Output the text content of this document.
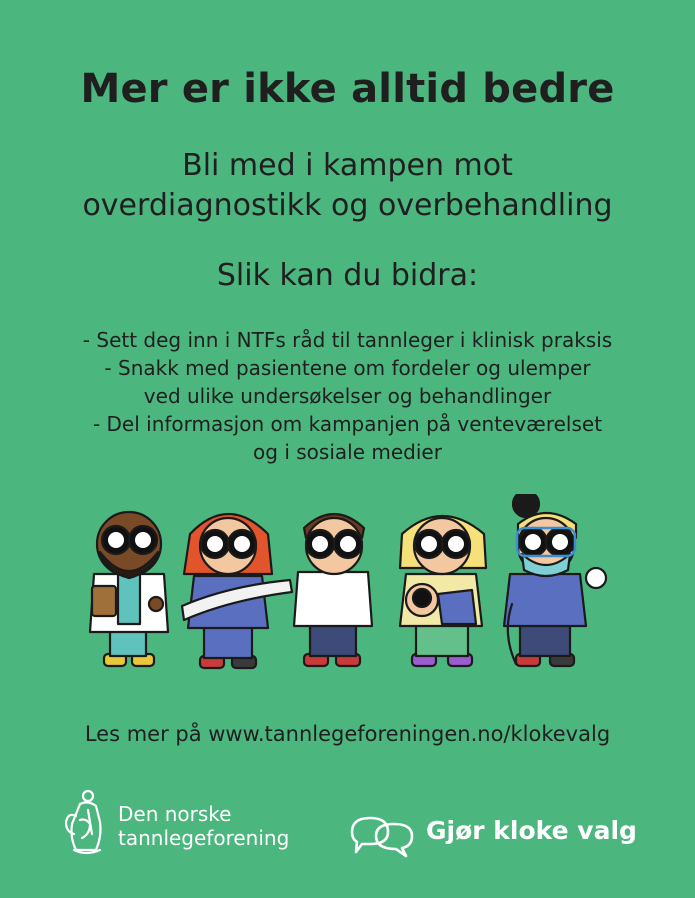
Mer er ikke alltid bedre
Bli med i kampen mot
overdiagnostikk og overbehandling
Slik kan du bidra:
- Sett deg inn i NTFs råd til tannleger i klinisk praksis
- Snakk med pasientene om fordeler og ulemper
ved ulike undersøkelser og behandlinger
- Del informasjon om kampanjen på venteværelset
og i sosiale medier
Les mer på www.tannlegeforeningen.no/klokevalg
Den norske
tannlegeforening	Gjør kloke valg
